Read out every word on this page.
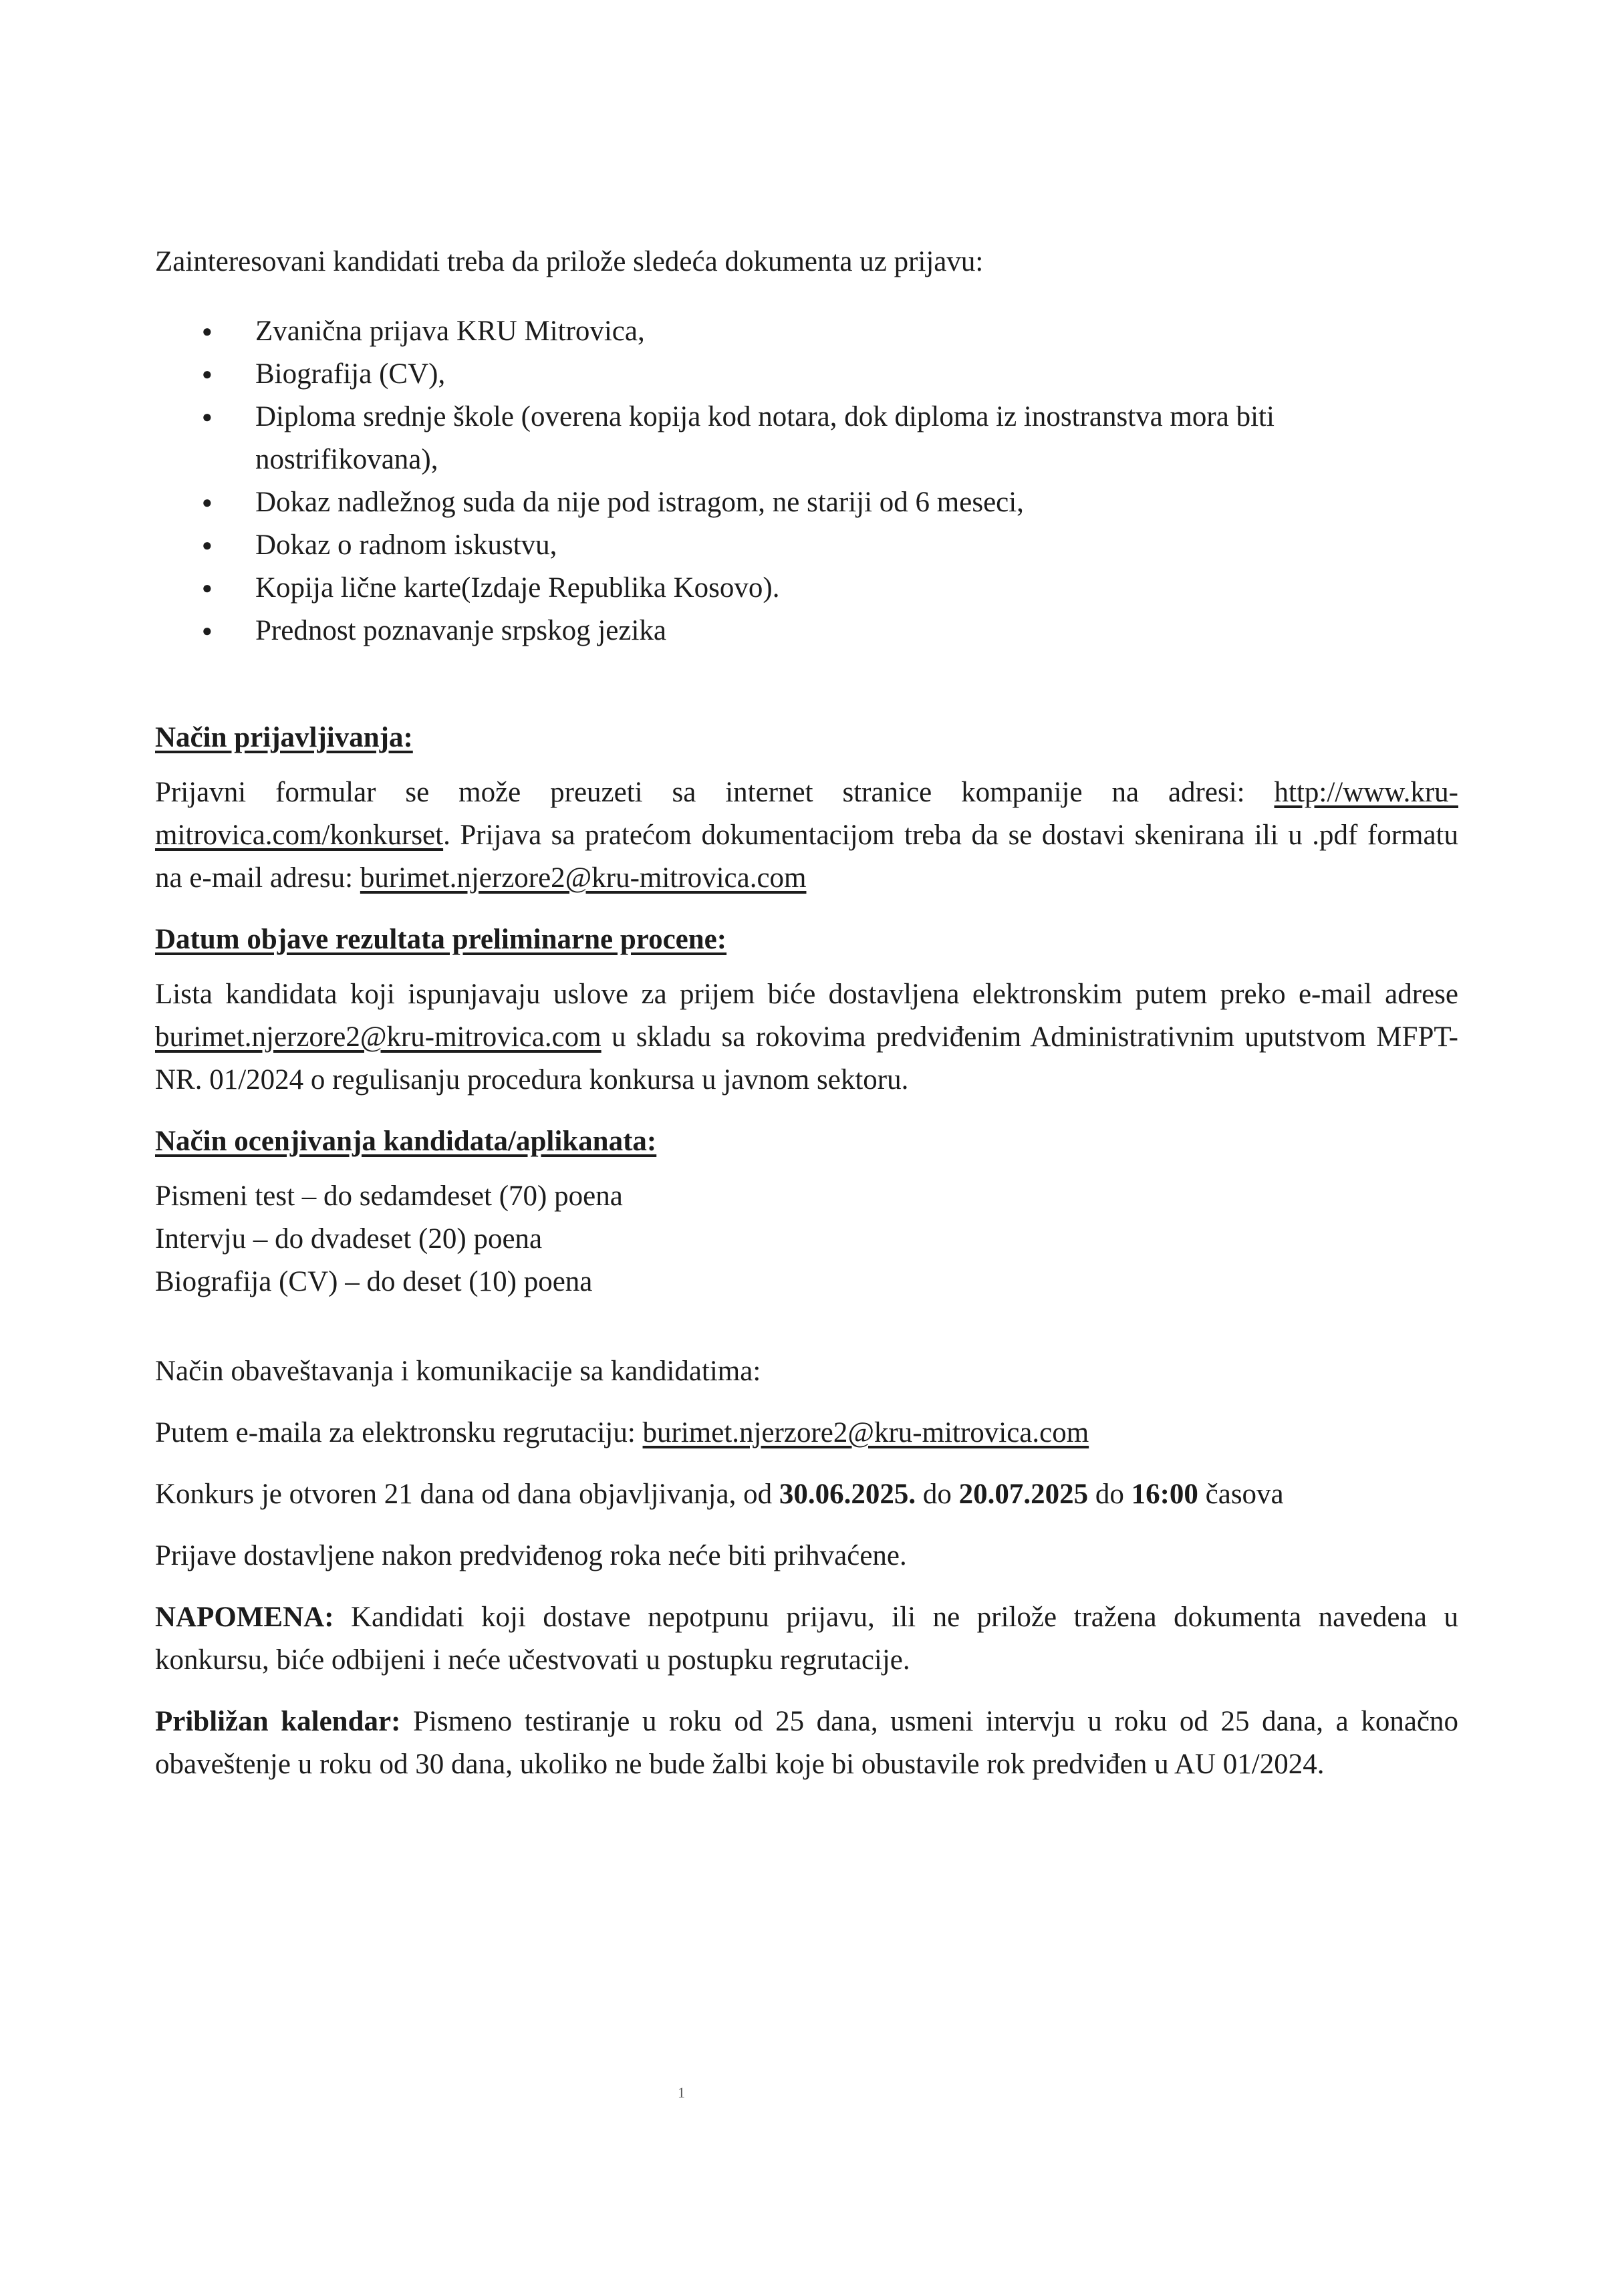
Zainteresovani kandidati treba da prilože sledeća dokumenta uz prijavu:

● Zvanična prijava KRU Mitrovica,
● Biografija (CV),
● Diploma srednje škole (overena kopija kod notara, dok diploma iz inostranstva mora biti nostrifikovana),
● Dokaz nadležnog suda da nije pod istragom, ne stariji od 6 meseci,
● Dokaz o radnom iskustvu,
● Kopija lične karte(Izdaje Republika Kosovo).
● Prednost poznavanje srpskog jezika
Način prijavljivanja:

Prijavni formular se može preuzeti sa internet stranice kompanije na adresi: http://www.kru-mitrovica.com/konkurset. Prijava sa pratećom dokumentacijom treba da se dostavi skenirana ili u .pdf formatu na e-mail adresu: burimet.njerzore2@kru-mitrovica.com

Datum objave rezultata preliminarne procene:

Lista kandidata koji ispunjavaju uslove za prijem biće dostavljena elektronskim putem preko e-mail adrese burimet.njerzore2@kru-mitrovica.com u skladu sa rokovima predviđenim Administrativnim uputstvom MFPT-NR. 01/2024 o regulisanju procedura konkursa u javnom sektoru.

Način ocenjivanja kandidata/aplikanata:

Pismeni test – do sedamdeset (70) poena

Intervju – do dvadeset (20) poena

Biografija (CV) – do deset (10) poena

Način obaveštavanja i komunikacije sa kandidatima:

Putem e-maila za elektronsku regrutaciju: burimet.njerzore2@kru-mitrovica.com

Konkurs je otvoren 21 dana od dana objavljivanja, od 30.06.2025. do 20.07.2025 do 16:00 časova

Prijave dostavljene nakon predviđenog roka neće biti prihvaćene.

NAPOMENA: Kandidati koji dostave nepotpunu prijavu, ili ne prilože tražena dokumenta navedena u konkursu, biće odbijeni i neće učestvovati u postupku regrutacije.

Približan kalendar: Pismeno testiranje u roku od 25 dana, usmeni intervju u roku od 25 dana, a konačno obaveštenje u roku od 30 dana, ukoliko ne bude žalbi koje bi obustavile rok predviđen u AU 01/2024.

1
